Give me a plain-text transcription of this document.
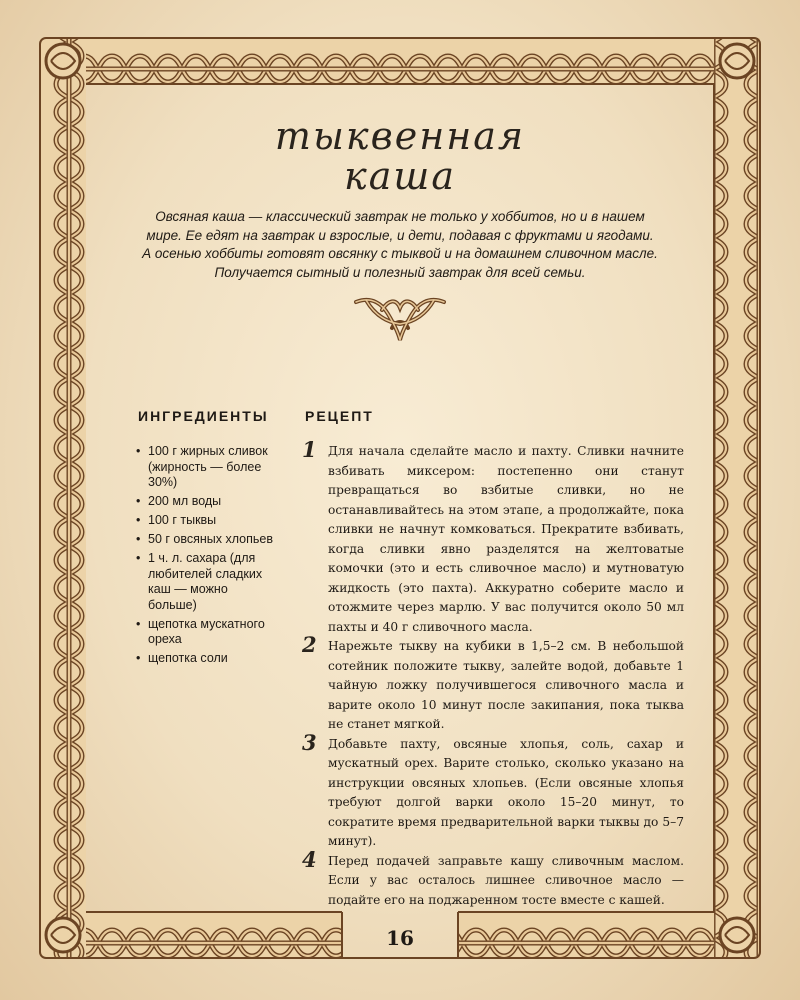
тыквенная
каша
Овсяная каша — классический завтрак не только у хоббитов, но и в нашем мире. Ее едят на завтрак и взрослые, и дети, подавая с фруктами и ягодами. А осенью хоббиты готовят овсянку с тыквой и на домашнем сливочном масле. Получается сытный и полезный завтрак для всей семьи.
ИНГРЕДИЕНТЫ	РЕЦЕПТ
• 100 г жирных сливок (жирность — более 30%)
• 200 мл воды
• 100 г тыквы
• 50 г овсяных хлопьев
• 1 ч. л. сахара (для любителей сладких каш — можно больше)
• щепотка мускатного ореха
• щепотка соли
1 Для начала сделайте масло и пахту. Сливки начните взбивать миксером: постепенно они станут превращаться во взбитые сливки, но не останавливайтесь на этом этапе, а продолжайте, пока сливки не начнут комковаться. Прекратите взбивать, когда сливки явно разделятся на желтоватые комочки (это и есть сливочное масло) и мутноватую жидкость (это пахта). Аккуратно соберите масло и отожмите через марлю. У вас получится около 50 мл пахты и 40 г сливочного масла.
2 Нарежьте тыкву на кубики в 1,5–2 см. В небольшой сотейник положите тыкву, залейте водой, добавьте 1 чайную ложку получившегося сливочного масла и варите около 10 минут после закипания, пока тыква не станет мягкой.
3 Добавьте пахту, овсяные хлопья, соль, сахар и мускатный орех. Варите столько, сколько указано на инструкции овсяных хлопьев. (Если овсяные хлопья требуют долгой варки около 15–20 минут, то сократите время предварительной варки тыквы до 5–7 минут).
4 Перед подачей заправьте кашу сливочным маслом. Если у вас осталось лишнее сливочное масло — подайте его на поджаренном тосте вместе с кашей.
16
